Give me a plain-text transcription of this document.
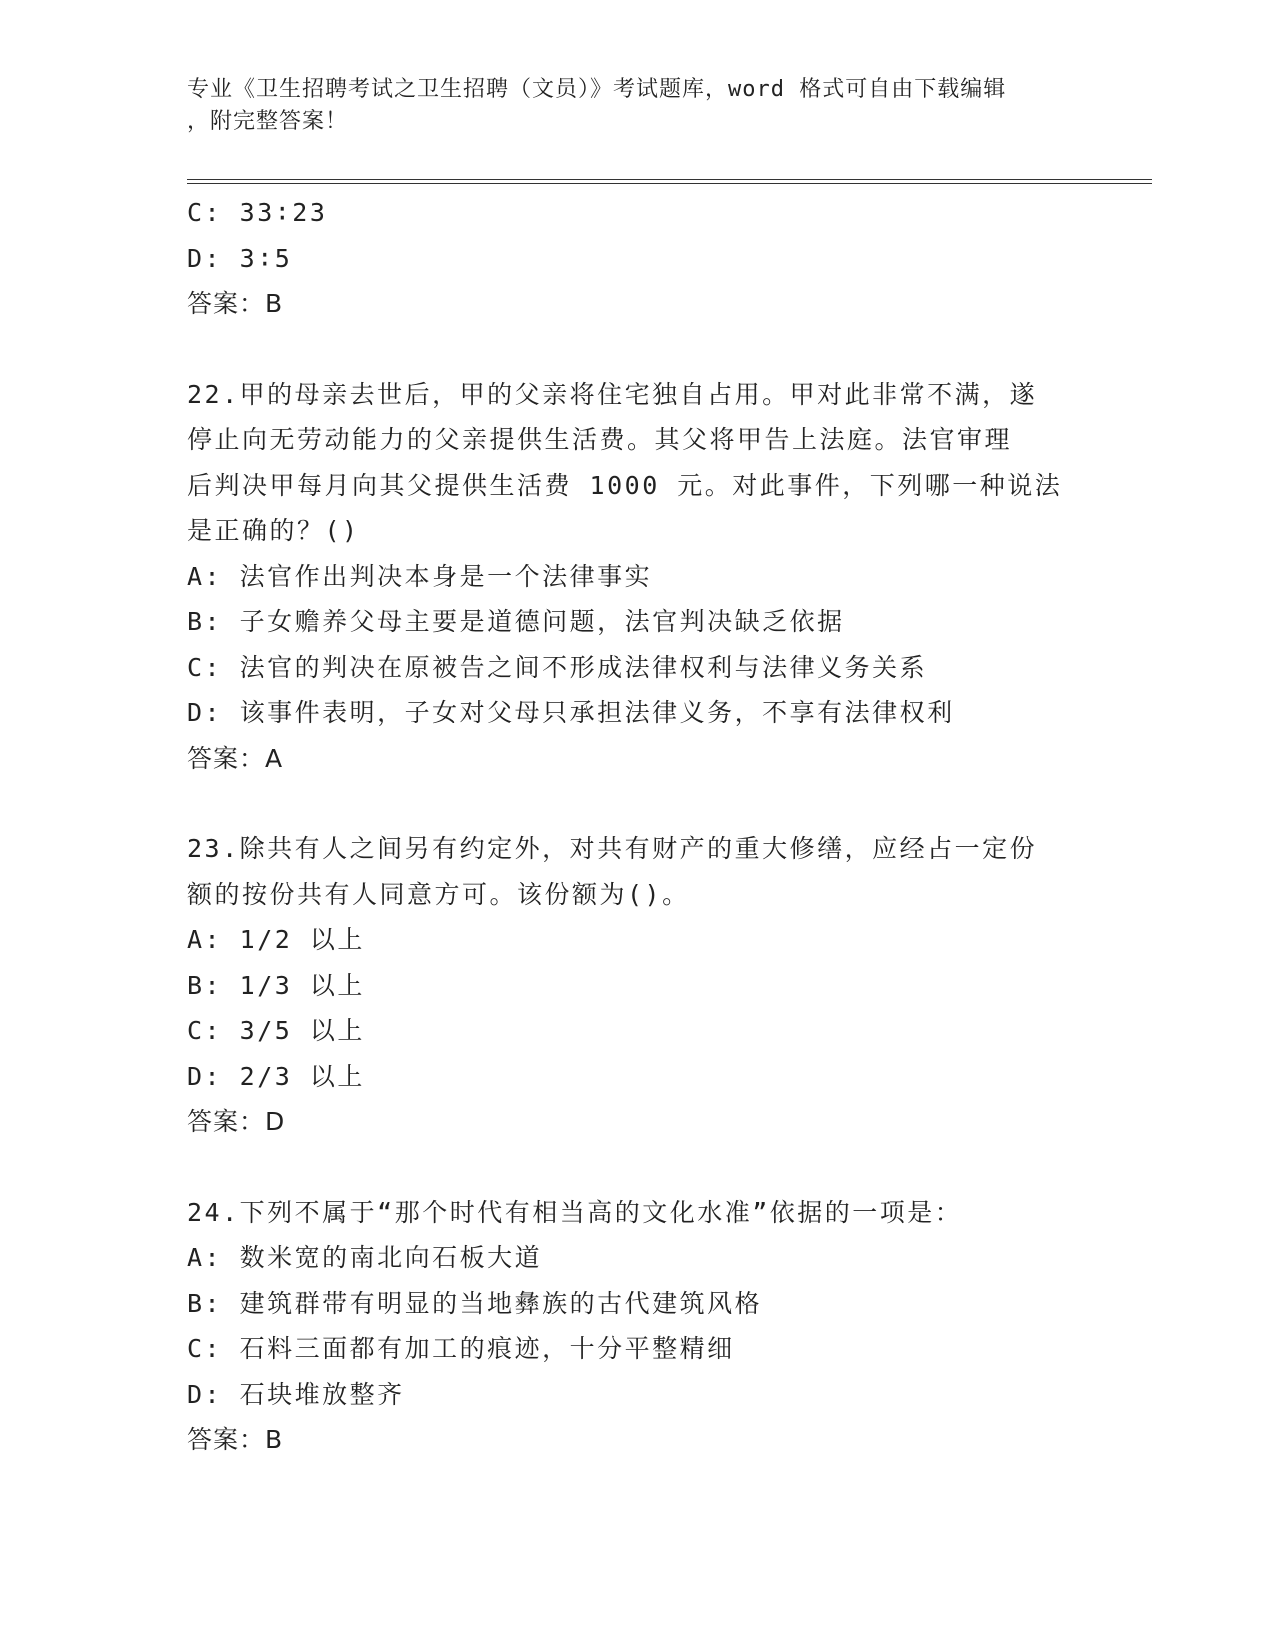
专业《卫生招聘考试之卫生招聘（文员）》考试题库，word 格式可自由下载编辑
，附完整答案！
C: 33∶23
D: 3∶5
答案：B
22.甲的母亲去世后，甲的父亲将住宅独自占用。甲对此非常不满，遂
停止向无劳动能力的父亲提供生活费。其父将甲告上法庭。法官审理
后判决甲每月向其父提供生活费 1000 元。对此事件，下列哪一种说法
是正确的？()
A: 法官作出判决本身是一个法律事实
B: 子女赡养父母主要是道德问题，法官判决缺乏依据
C: 法官的判决在原被告之间不形成法律权利与法律义务关系
D: 该事件表明，子女对父母只承担法律义务，不享有法律权利
答案：A
23.除共有人之间另有约定外，对共有财产的重大修缮，应经占一定份
额的按份共有人同意方可。该份额为()。
A: 1/2 以上
B: 1/3 以上
C: 3/5 以上
D: 2/3 以上
答案：D
24.下列不属于“那个时代有相当高的文化水准”依据的一项是：
A: 数米宽的南北向石板大道
B: 建筑群带有明显的当地彝族的古代建筑风格
C: 石料三面都有加工的痕迹，十分平整精细
D: 石块堆放整齐
答案：B
